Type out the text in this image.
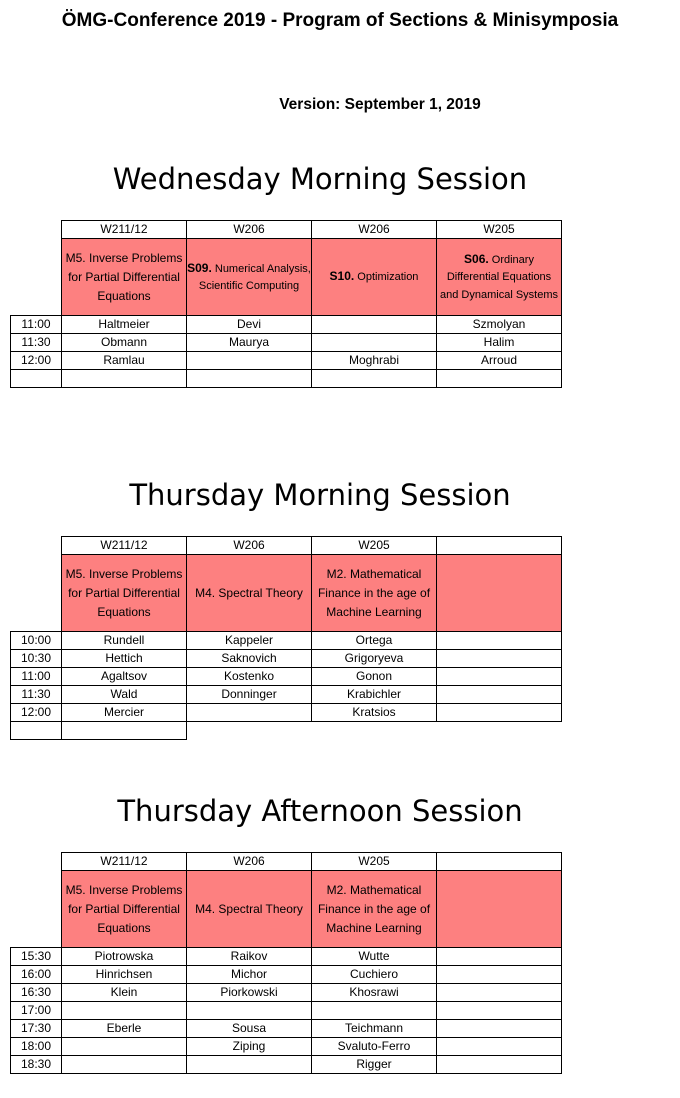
ÖMG-Conference 2019 - Program of Sections & Minisymposia
Version: September 1, 2019
Wednesday Morning Session
	W211/12	W206	W206	W205
	M5. Inverse Problems for Partial Differential Equations	S09. Numerical Analysis, Scientific Computing	S10. Optimization	S06. Ordinary Differential Equations and Dynamical Systems
11:00	Haltmeier	Devi		Szmolyan
11:30	Obmann	Maurya		Halim
12:00	Ramlau		Moghrabi	Arroud

Thursday Morning Session
	W211/12	W206	W205	
	M5. Inverse Problems for Partial Differential Equations	M4. Spectral Theory	M2. Mathematical Finance in the age of Machine Learning	
10:00	Rundell	Kappeler	Ortega	
10:30	Hettich	Saknovich	Grigoryeva	
11:00	Agaltsov	Kostenko	Gonon	
11:30	Wald	Donninger	Krabichler	
12:00	Mercier		Kratsios	

Thursday Afternoon Session
	W211/12	W206	W205	
	M5. Inverse Problems for Partial Differential Equations	M4. Spectral Theory	M2. Mathematical Finance in the age of Machine Learning	
15:30	Piotrowska	Raikov	Wutte	
16:00	Hinrichsen	Michor	Cuchiero	
16:30	Klein	Piorkowski	Khosrawi	
17:00				
17:30	Eberle	Sousa	Teichmann	
18:00		Ziping	Svaluto-Ferro	
18:30			Rigger	
